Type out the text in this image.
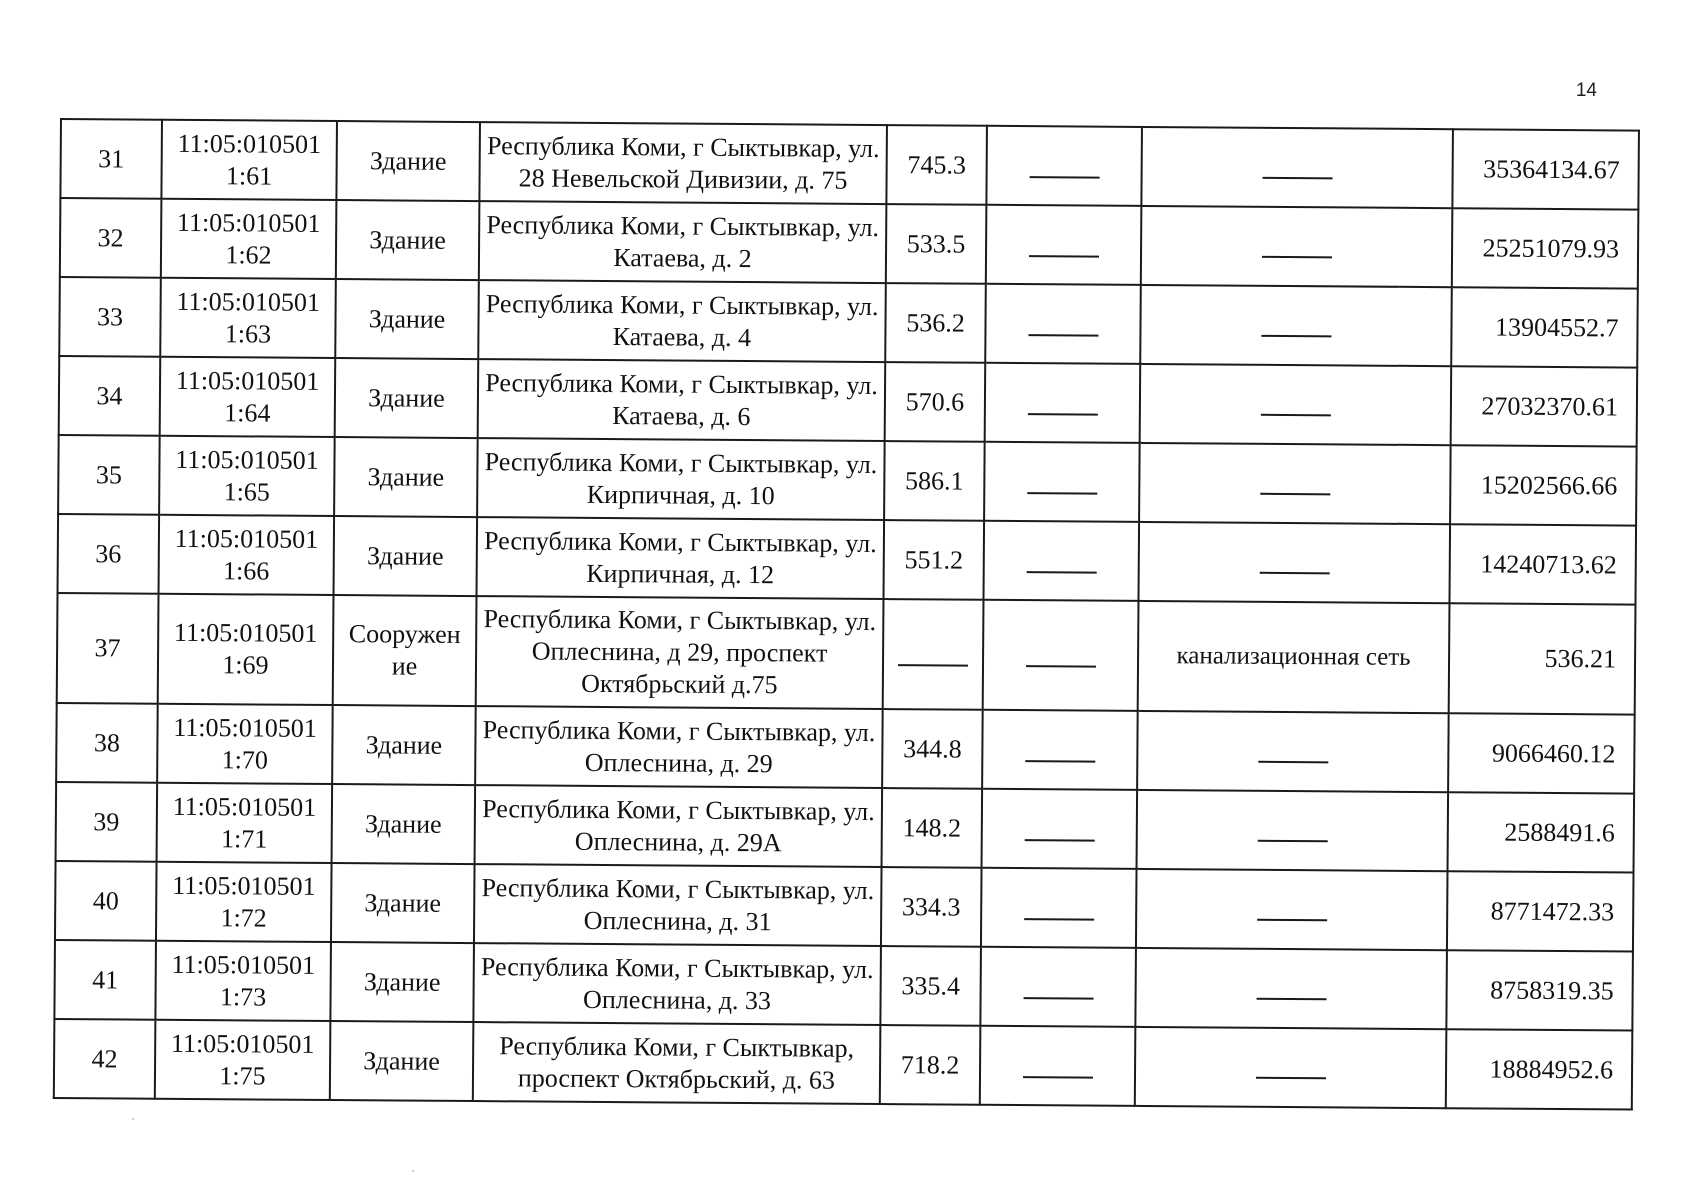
14
31	11:05:010501 1:61	Здание	Республика Коми, г Сыктывкар, ул. 28 Невельской Дивизии, д. 75	745.3			35364134.67
32	11:05:010501 1:62	Здание	Республика Коми, г Сыктывкар, ул. Катаева, д. 2	533.5			25251079.93
33	11:05:010501 1:63	Здание	Республика Коми, г Сыктывкар, ул. Катаева, д. 4	536.2			13904552.7
34	11:05:010501 1:64	Здание	Республика Коми, г Сыктывкар, ул. Катаева, д. 6	570.6			27032370.61
35	11:05:010501 1:65	Здание	Республика Коми, г Сыктывкар, ул. Кирпичная, д. 10	586.1			15202566.66
36	11:05:010501 1:66	Здание	Республика Коми, г Сыктывкар, ул. Кирпичная, д. 12	551.2			14240713.62
37	11:05:010501 1:69	Сооружен ие	Республика Коми, г Сыктывкар, ул. Оплеснина, д 29, проспект Октябрьский д.75			канализационная сеть	536.21
38	11:05:010501 1:70	Здание	Республика Коми, г Сыктывкар, ул. Оплеснина, д. 29	344.8			9066460.12
39	11:05:010501 1:71	Здание	Республика Коми, г Сыктывкар, ул. Оплеснина, д. 29А	148.2			2588491.6
40	11:05:010501 1:72	Здание	Республика Коми, г Сыктывкар, ул. Оплеснина, д. 31	334.3			8771472.33
41	11:05:010501 1:73	Здание	Республика Коми, г Сыктывкар, ул. Оплеснина, д. 33	335.4			8758319.35
42	11:05:010501 1:75	Здание	Республика Коми, г Сыктывкар, проспект Октябрьский, д. 63	718.2			18884952.6
